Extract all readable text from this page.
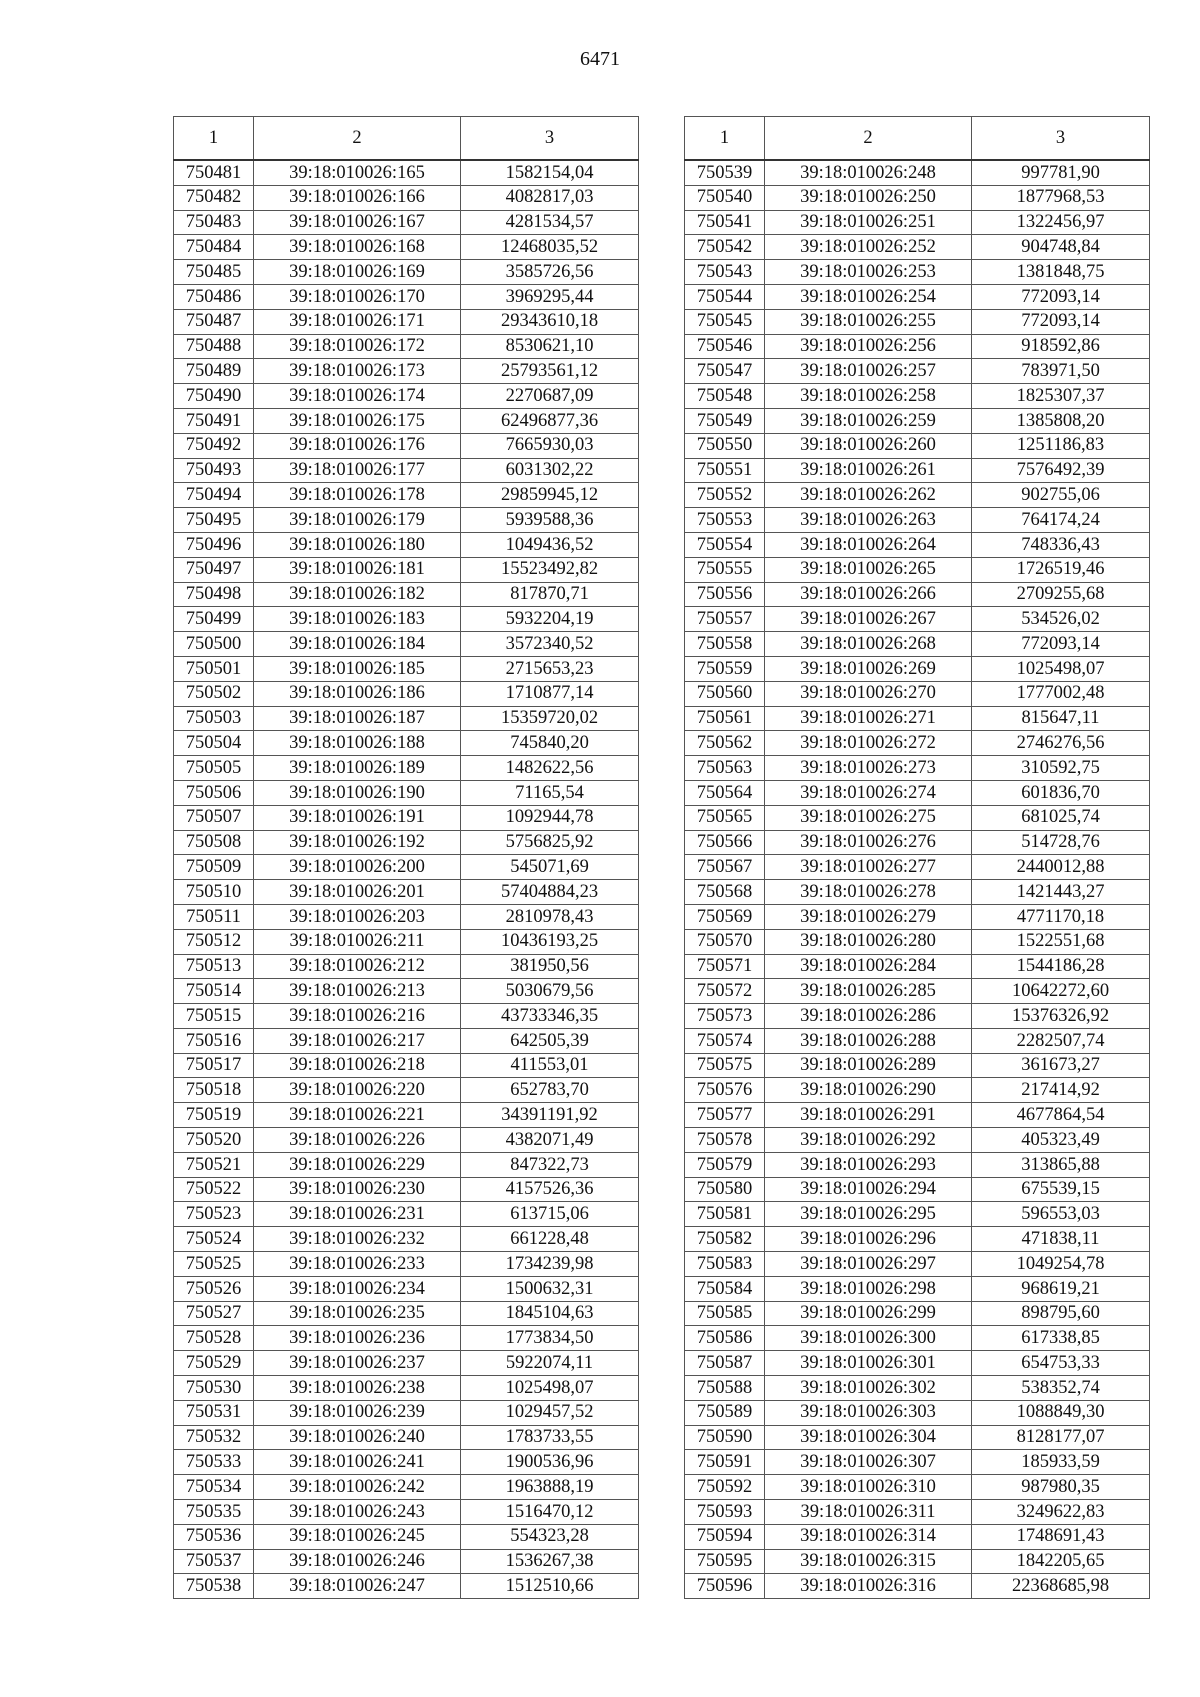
6471
1	2	3
750481	39:18:010026:165	1582154,04
750482	39:18:010026:166	4082817,03
750483	39:18:010026:167	4281534,57
750484	39:18:010026:168	12468035,52
750485	39:18:010026:169	3585726,56
750486	39:18:010026:170	3969295,44
750487	39:18:010026:171	29343610,18
750488	39:18:010026:172	8530621,10
750489	39:18:010026:173	25793561,12
750490	39:18:010026:174	2270687,09
750491	39:18:010026:175	62496877,36
750492	39:18:010026:176	7665930,03
750493	39:18:010026:177	6031302,22
750494	39:18:010026:178	29859945,12
750495	39:18:010026:179	5939588,36
750496	39:18:010026:180	1049436,52
750497	39:18:010026:181	15523492,82
750498	39:18:010026:182	817870,71
750499	39:18:010026:183	5932204,19
750500	39:18:010026:184	3572340,52
750501	39:18:010026:185	2715653,23
750502	39:18:010026:186	1710877,14
750503	39:18:010026:187	15359720,02
750504	39:18:010026:188	745840,20
750505	39:18:010026:189	1482622,56
750506	39:18:010026:190	71165,54
750507	39:18:010026:191	1092944,78
750508	39:18:010026:192	5756825,92
750509	39:18:010026:200	545071,69
750510	39:18:010026:201	57404884,23
750511	39:18:010026:203	2810978,43
750512	39:18:010026:211	10436193,25
750513	39:18:010026:212	381950,56
750514	39:18:010026:213	5030679,56
750515	39:18:010026:216	43733346,35
750516	39:18:010026:217	642505,39
750517	39:18:010026:218	411553,01
750518	39:18:010026:220	652783,70
750519	39:18:010026:221	34391191,92
750520	39:18:010026:226	4382071,49
750521	39:18:010026:229	847322,73
750522	39:18:010026:230	4157526,36
750523	39:18:010026:231	613715,06
750524	39:18:010026:232	661228,48
750525	39:18:010026:233	1734239,98
750526	39:18:010026:234	1500632,31
750527	39:18:010026:235	1845104,63
750528	39:18:010026:236	1773834,50
750529	39:18:010026:237	5922074,11
750530	39:18:010026:238	1025498,07
750531	39:18:010026:239	1029457,52
750532	39:18:010026:240	1783733,55
750533	39:18:010026:241	1900536,96
750534	39:18:010026:242	1963888,19
750535	39:18:010026:243	1516470,12
750536	39:18:010026:245	554323,28
750537	39:18:010026:246	1536267,38
750538	39:18:010026:247	1512510,66
1	2	3
750539	39:18:010026:248	997781,90
750540	39:18:010026:250	1877968,53
750541	39:18:010026:251	1322456,97
750542	39:18:010026:252	904748,84
750543	39:18:010026:253	1381848,75
750544	39:18:010026:254	772093,14
750545	39:18:010026:255	772093,14
750546	39:18:010026:256	918592,86
750547	39:18:010026:257	783971,50
750548	39:18:010026:258	1825307,37
750549	39:18:010026:259	1385808,20
750550	39:18:010026:260	1251186,83
750551	39:18:010026:261	7576492,39
750552	39:18:010026:262	902755,06
750553	39:18:010026:263	764174,24
750554	39:18:010026:264	748336,43
750555	39:18:010026:265	1726519,46
750556	39:18:010026:266	2709255,68
750557	39:18:010026:267	534526,02
750558	39:18:010026:268	772093,14
750559	39:18:010026:269	1025498,07
750560	39:18:010026:270	1777002,48
750561	39:18:010026:271	815647,11
750562	39:18:010026:272	2746276,56
750563	39:18:010026:273	310592,75
750564	39:18:010026:274	601836,70
750565	39:18:010026:275	681025,74
750566	39:18:010026:276	514728,76
750567	39:18:010026:277	2440012,88
750568	39:18:010026:278	1421443,27
750569	39:18:010026:279	4771170,18
750570	39:18:010026:280	1522551,68
750571	39:18:010026:284	1544186,28
750572	39:18:010026:285	10642272,60
750573	39:18:010026:286	15376326,92
750574	39:18:010026:288	2282507,74
750575	39:18:010026:289	361673,27
750576	39:18:010026:290	217414,92
750577	39:18:010026:291	4677864,54
750578	39:18:010026:292	405323,49
750579	39:18:010026:293	313865,88
750580	39:18:010026:294	675539,15
750581	39:18:010026:295	596553,03
750582	39:18:010026:296	471838,11
750583	39:18:010026:297	1049254,78
750584	39:18:010026:298	968619,21
750585	39:18:010026:299	898795,60
750586	39:18:010026:300	617338,85
750587	39:18:010026:301	654753,33
750588	39:18:010026:302	538352,74
750589	39:18:010026:303	1088849,30
750590	39:18:010026:304	8128177,07
750591	39:18:010026:307	185933,59
750592	39:18:010026:310	987980,35
750593	39:18:010026:311	3249622,83
750594	39:18:010026:314	1748691,43
750595	39:18:010026:315	1842205,65
750596	39:18:010026:316	22368685,98
